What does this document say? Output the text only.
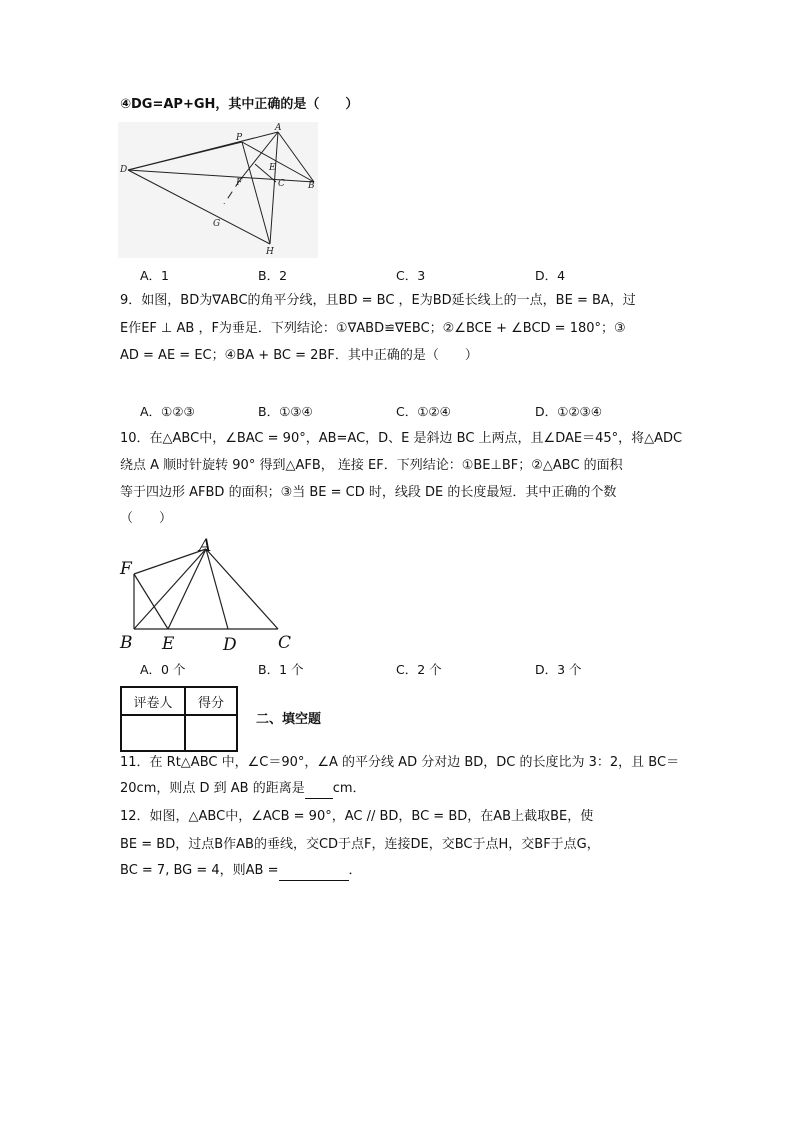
④DG=AP+GH，其中正确的是（　　）
P
A
D	E
F	C	B
G
H
A．1	B．2	C．3	D．4
9．如图，BD为∇ABC的角平分线，且BD = BC ，E为BD延长线上的一点，BE = BA，过
E作EF ⊥ AB ，F为垂足．下列结论：①∇ABD≌∇EBC；②∠BCE + ∠BCD = 180°；③
AD = AE = EC；④BA + BC = 2BF．其中正确的是（　　）
A．①②③	B．①③④	C．①②④	D．①②③④
10．在△ABC中，∠BAC = 90°，AB=AC，D、E 是斜边 BC 上两点，且∠DAE＝45°，将△ADC
绕点 A 顺时针旋转 90° 得到△AFB， 连接 EF．下列结论：①BE⊥BF；②△ABC 的面积
等于四边形 AFBD 的面积；③当 BE = CD 时，线段 DE 的长度最短．其中正确的个数
（　　）
A
F
B E	D C
A．0 个	B．1 个	C．2 个	D．3 个
评卷人	得分

二、填空题
11．在 Rt△ABC 中，∠C＝90°，∠A 的平分线 AD 分对边 BD，DC 的长度比为 3：2，且 BC＝
20cm，则点 D 到 AB 的距离是 cm．
12．如图，△ABC中，∠ACB = 90°，AC // BD，BC = BD，在AB上截取BE，使
BE = BD，过点B作AB的垂线，交CD于点F，连接DE，交BC于点H，交BF于点G，
BC = 7, BG = 4，则AB =	．
